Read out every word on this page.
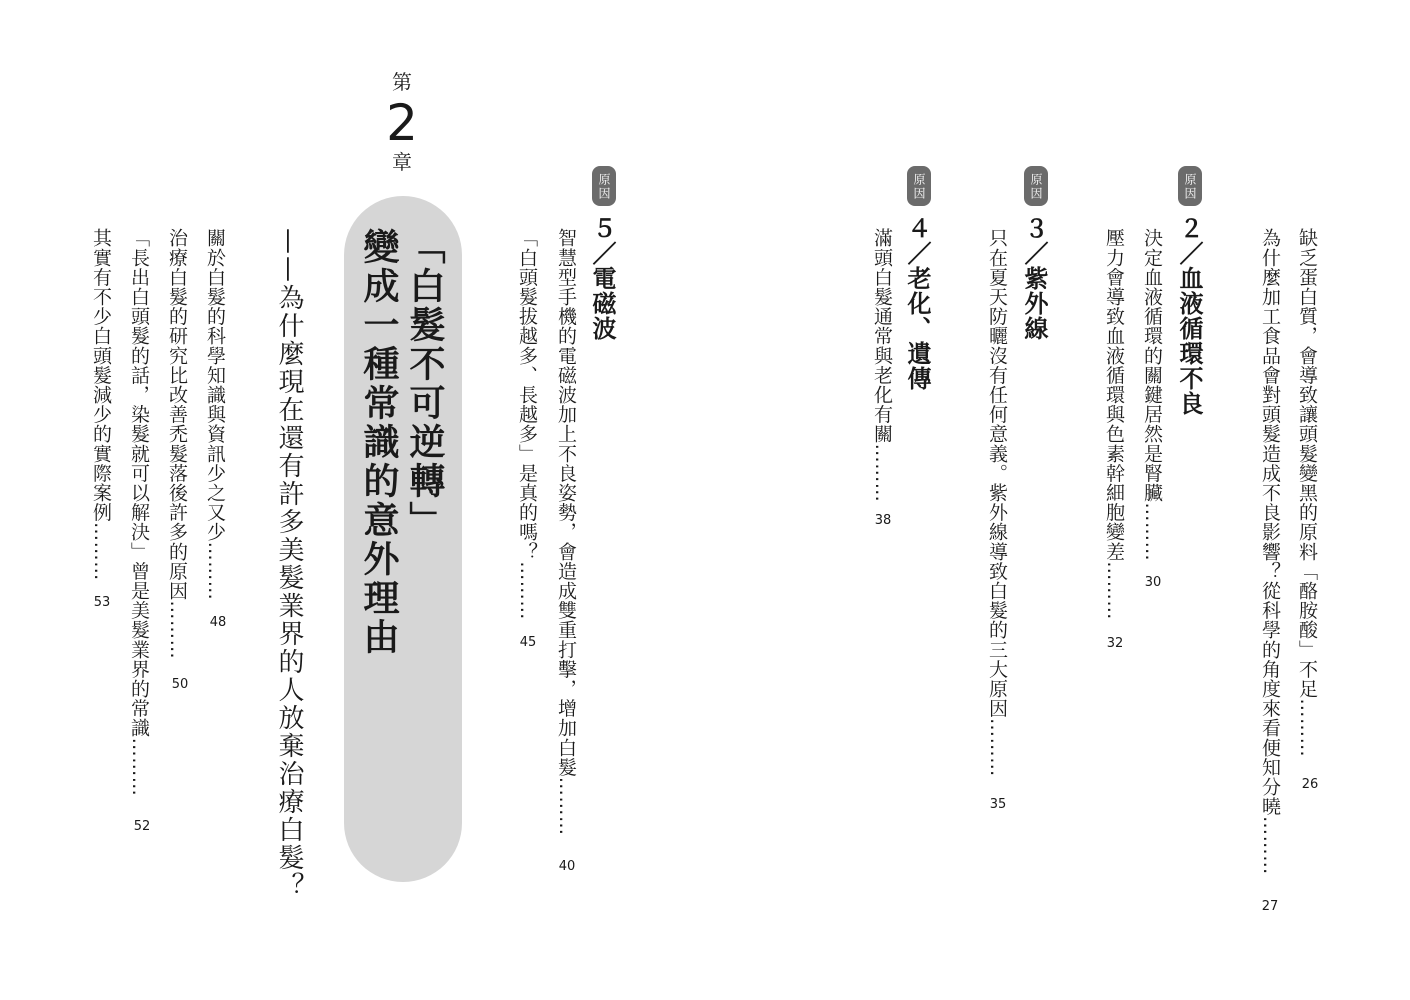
缺乏蛋白質，會導致讓頭髮變黑的原料「酪胺酸」不足………
26
為什麼加工食品會對頭髮造成不良影響？從科學的角度來看便知分曉………
27
原因
２／血液循環不良
決定血液循環的關鍵居然是腎臟………
30
壓力會導致血液循環與色素幹細胞變差………
32
原因
３／紫外線
只在夏天防曬沒有任何意義。紫外線導致白髮的三大原因………
35
原因
４／老化、遺傳
滿頭白髮通常與老化有關………
38
原因
５／電磁波
智慧型手機的電磁波加上不良姿勢，會造成雙重打擊，增加白髮………
40
「白頭髮拔越多、長越多」是真的嗎？………
45
第
2
章
「白髮不可逆轉」
變成一種常識的意外理由
——為什麼現在還有許多美髮業界的人放棄治療白髮？
關於白髮的科學知識與資訊少之又少………
48
治療白髮的研究比改善禿髮落後許多的原因………
50
「長出白頭髮的話，染髮就可以解決」曾是美髮業界的常識………
52
其實有不少白頭髮減少的實際案例………
53
